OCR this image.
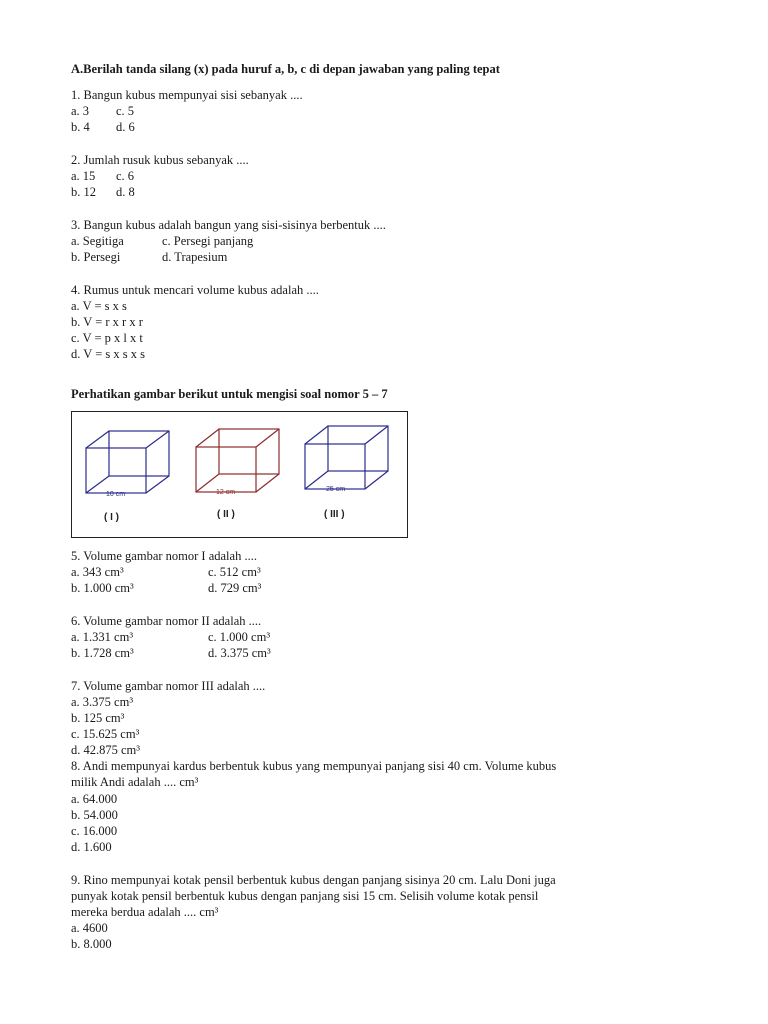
A.Berilah tanda silang (x) pada huruf a, b, c di depan jawaban yang paling tepat
1. Bangun kubus mempunyai sisi sebanyak ....
a. 3 c. 5
b. 4 d. 6
2. Jumlah rusuk kubus sebanyak ....
a. 15 c. 6
b. 12 d. 8
3. Bangun kubus adalah bangun yang sisi-sisinya berbentuk ....
a. Segitiga	c. Persegi panjang
b. Persegi	d. Trapesium
4. Rumus untuk mencari volume kubus adalah ....
a. V = s x s
b. V = r x r x r
c. V = p x l x t
d. V = s x s x s
Perhatikan gambar berikut untuk mengisi soal nomor 5 – 7
10 cm	12 cm	25 cm
( I )	( II )	( III )
5. Volume gambar nomor I adalah ....
a. 343 cm³	c. 512 cm³
b. 1.000 cm³	d. 729 cm³
6. Volume gambar nomor II adalah ....
a. 1.331 cm³	c. 1.000 cm³
b. 1.728 cm³	d. 3.375 cm³
7. Volume gambar nomor III adalah ....
a. 3.375 cm³
b. 125 cm³
c. 15.625 cm³
d. 42.875 cm³
8. Andi mempunyai kardus berbentuk kubus yang mempunyai panjang sisi 40 cm. Volume kubus
milik Andi adalah .... cm³
a. 64.000
b. 54.000
c. 16.000
d. 1.600
9. Rino mempunyai kotak pensil berbentuk kubus dengan panjang sisinya 20 cm. Lalu Doni juga
punyak kotak pensil berbentuk kubus dengan panjang sisi 15 cm. Selisih volume kotak pensil
mereka berdua adalah .... cm³
a. 4600
b. 8.000
